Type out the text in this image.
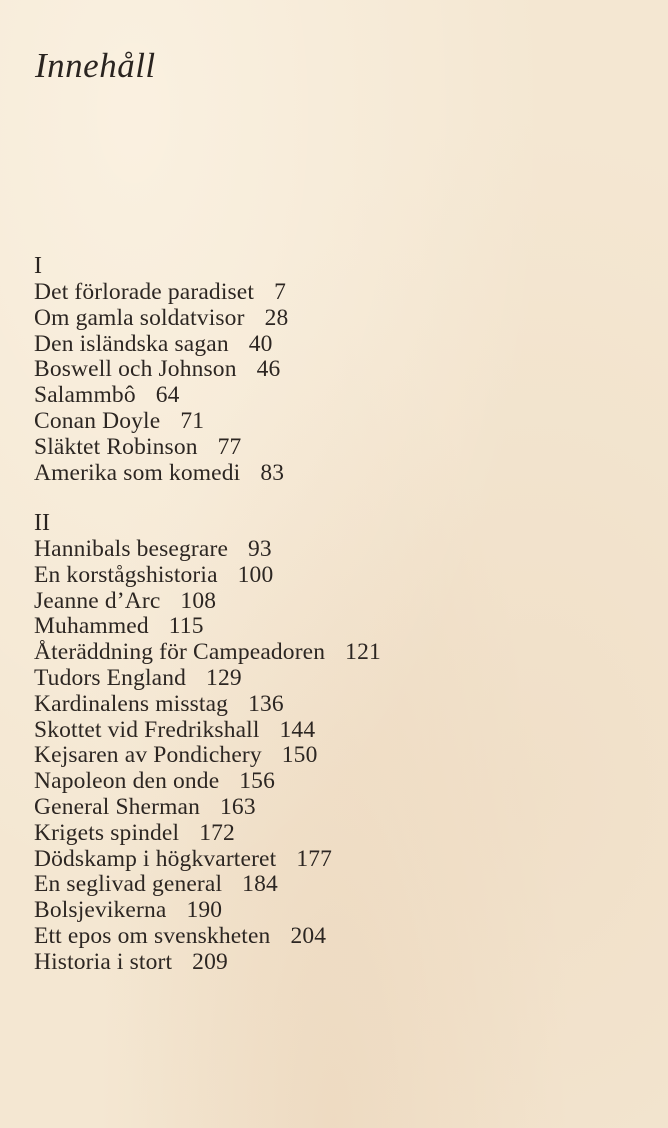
Innehåll
I
Det förlorade paradiset 7
Om gamla soldatvisor 28
Den isländska sagan 40
Boswell och Johnson 46
Salammbô 64
Conan Doyle 71
Släktet Robinson 77
Amerika som komedi 83
II
Hannibals besegrare 93
En korstågshistoria 100
Jeanne d’Arc 108
Muhammed 115
Återäddning för Campeadoren 121
Tudors England 129
Kardinalens misstag 136
Skottet vid Fredrikshall 144
Kejsaren av Pondichery 150
Napoleon den onde 156
General Sherman 163
Krigets spindel 172
Dödskamp i högkvarteret 177
En seglivad general 184
Bolsjevikerna 190
Ett epos om svenskheten 204
Historia i stort 209
